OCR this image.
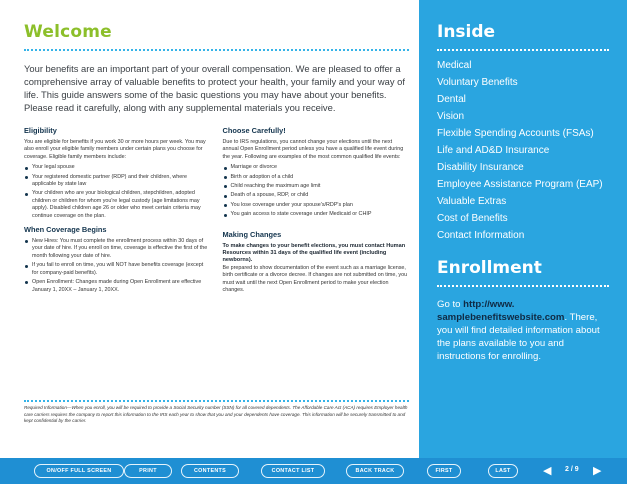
Welcome

Your benefits are an important part of your overall compensation. We are pleased to offer a comprehensive array of valuable benefits to protect your health, your family and your way of life. This guide answers some of the basic questions you may have about your benefits. Please read it carefully, along with any supplemental materials you receive.

Eligibility

You are eligible for benefits if you work 30 or more hours per week. You may also enroll your eligible family members under certain plans you choose for coverage. Eligible family members include:

Your legal spouse
Your registered domestic partner (RDP) and their children, where applicable by state law
Your children who are your biological children, stepchildren, adopted children or children for whom you're legal custody (age limitations may apply). Disabled children age 26 or older who meet certain criteria may continue coverage on the plan.
When Coverage Begins
New Hires: You must complete the enrollment process within 30 days of your date of hire. If you enroll on time, coverage is effective the first of the month following your date of hire.
If you fail to enroll on time, you will NOT have benefits coverage (except for company-paid benefits).
Open Enrollment: Changes made during Open Enrollment are effective January 1, 20XX – January 1, 20XX.
Choose Carefully!

Due to IRS regulations, you cannot change your elections until the next annual Open Enrollment period unless you have a qualified life event during the year. Following are examples of the most common qualified life events:

Marriage or divorce
Birth or adoption of a child
Child reaching the maximum age limit
Death of a spouse, RDP, or child
You lose coverage under your spouse's/RDP's plan
You gain access to state coverage under Medicaid or CHIP
Making Changes

To make changes to your benefit elections, you must contact Human Resources within 31 days of the qualified life event (including newborns).

Be prepared to show documentation of the event such as a marriage license, birth certificate or a divorce decree. If changes are not submitted on time, you must wait until the next Open Enrollment period to make your election changes.

Required Information—When you enroll, you will be required to provide a Social Security number (SSN) for all covered dependents. The Affordable Care Act (ACA) requires Employer health care carriers requires the company to report this information to the IRS each year to show that you and your dependents have coverage. This information will be securely transmitted to and kept confidential by the carrier.

Inside
Medical
Voluntary Benefits
Dental
Vision
Flexible Spending Accounts (FSAs)
Life and AD&D Insurance
Disability Insurance
Employee Assistance Program (EAP)
Valuable Extras
Cost of Benefits
Contact Information
Enrollment

Go to http://www. samplebenefitswebsite.com. There, you will find detailed information about the plans available to you and instructions for enrolling.

ON/OFF FULL SCREEN	PRINT	CONTENTS	CONTACT LIST	BACK TRACK	FIRST	LAST	◀ 2 / 9 ▶
